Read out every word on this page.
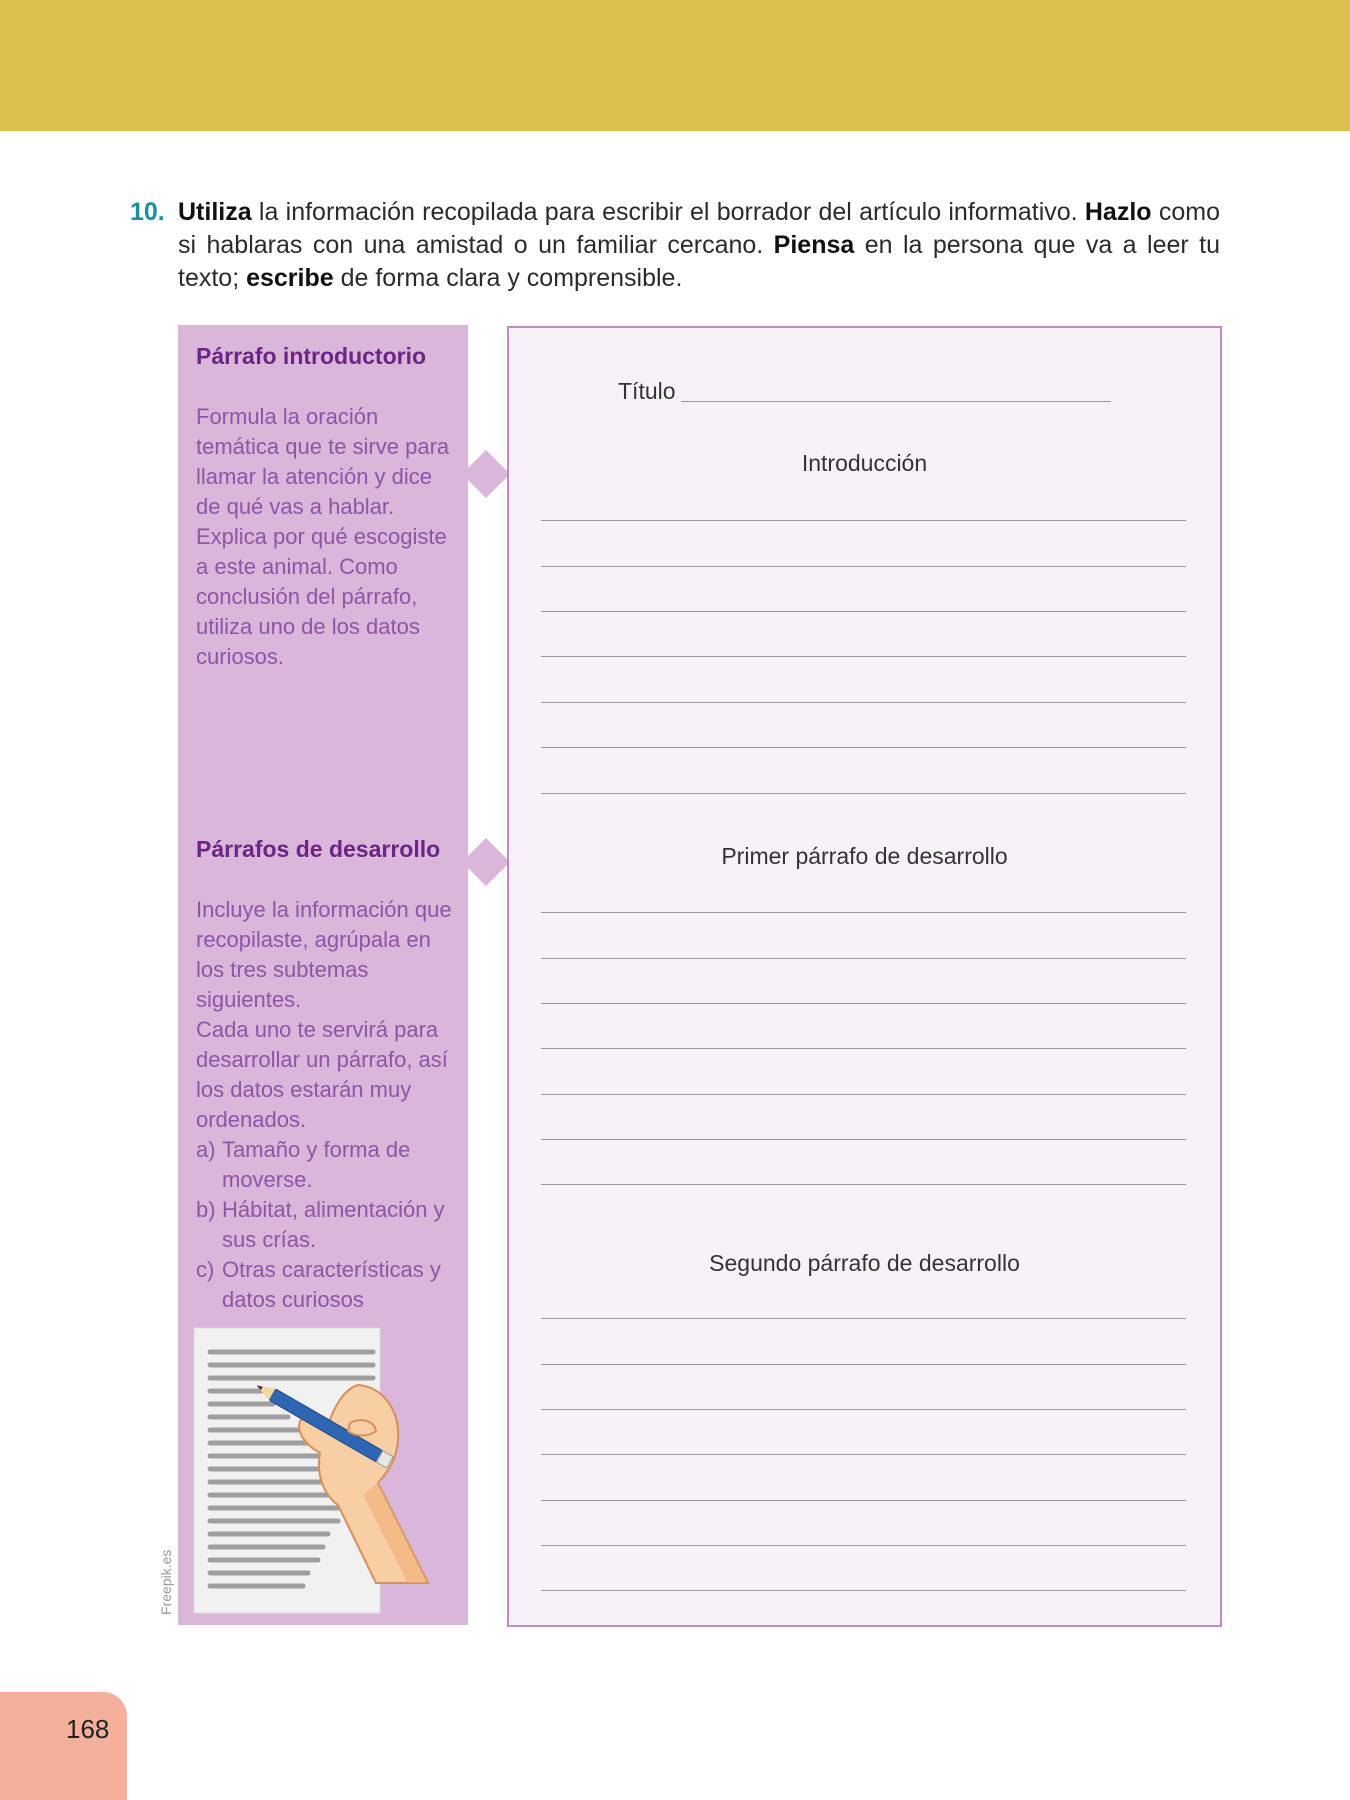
10. Utiliza la información recopilada para escribir el borrador del artículo informativo. Hazlo como si hablaras con una amistad o un familiar cercano. Piensa en la persona que va a leer tu texto; escribe de forma clara y comprensible.

Párrafo introductorio

Formula la oración temática que te sirve para llamar la atención y dice de qué vas a hablar. Explica por qué escogiste a este animal. Como conclusión del párrafo, utiliza uno de los datos curiosos.

Párrafos de desarrollo

Incluye la información que recopilaste, agrúpala en los tres subtemas siguientes.

Cada uno te servirá para desarrollar un párrafo, así los datos estarán muy ordenados.

a) Tamaño y forma de moverse.
b) Hábitat, alimentación y sus crías.
c) Otras características y datos curiosos
Freepik.es
Título
Introducción
Primer párrafo de desarrollo
Segundo párrafo de desarrollo
168
